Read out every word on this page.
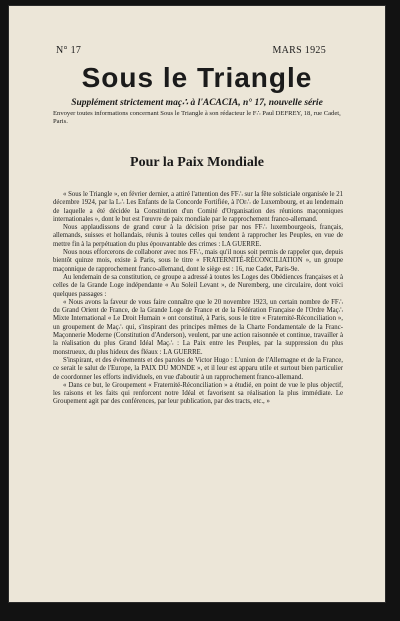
N° 17	MARS 1925
Sous le Triangle
Supplément strictement maç∴ à l'ACACIA, n° 17, nouvelle série
Envoyer toutes informations concernant Sous le Triangle à son rédacteur le F∴ Paul DEFREY, 18, rue Cadet, Paris.
Pour la Paix Mondiale

« Sous le Triangle », en février dernier, a attiré l'attention des FF∴ sur la fête solsticiale organisée le 21 décembre 1924, par la L∴ Les Enfants de la Concorde Fortifiée, à l'Or∴ de Luxembourg, et au lendemain de laquelle a été décidée la Constitution d'un Comité d'Organisation des réunions maçonniques internationales », dont le but est l'œuvre de paix mondiale par le rapprochement franco-allemand.

Nous applaudissons de grand cœur à la décision prise par nos FF∴ luxembourgeois, français, allemands, suisses et hollandais, réunis à toutes celles qui tendent à rapprocher les Peuples, en vue de mettre fin à la perpétuation du plus épouvantable des crimes : LA GUERRE.

Nous nous efforcerons de collaborer avec nos FF∴, mais qu'il nous soit permis de rappeler que, depuis bientôt quinze mois, existe à Paris, sous le titre « FRATERNITÉ-RÉCONCILIATION », un groupe maçonnique de rapprochement franco-allemand, dont le siège est : 16, rue Cadet, Paris-9e.

Au lendemain de sa constitution, ce groupe a adressé à toutes les Loges des Obédiences françaises et à celles de la Grande Loge indépendante « Au Soleil Levant », de Nuremberg, une circulaire, dont voici quelques passages :

« Nous avons la faveur de vous faire connaître que le 20 novembre 1923, un certain nombre de FF∴ du Grand Orient de France, de la Grande Loge de France et de la Fédération Française de l'Ordre Maç∴ Mixte International « Le Droit Humain » ont constitué, à Paris, sous le titre « Fraternité-Réconciliation », un groupement de Maç∴ qui, s'inspirant des principes mêmes de la Charte Fondamentale de la Franc-Maçonnerie Moderne (Constitution d'Anderson), veulent, par une action raisonnée et continue, travailler à la réalisation du plus Grand Idéal Maç∴ : La Paix entre les Peuples, par la suppression du plus monstrueux, du plus hideux des fléaux : LA GUERRE.

S'inspirant, et des événements et des paroles de Victor Hugo : L'union de l'Allemagne et de la France, ce serait le salut de l'Europe, la PAIX DU MONDE », et il leur est apparu utile et surtout bien particulier de coordonner les efforts individuels, en vue d'aboutir à un rapprochement franco-allemand.

« Dans ce but, le Groupement « Fraternité-Réconciliation » a étudié, en point de vue le plus objectif, les raisons et les faits qui renforcent notre Idéal et favorisent sa réalisation la plus immédiate. Le Groupement agit par des conférences, par leur publication, par des tracts, etc., »
